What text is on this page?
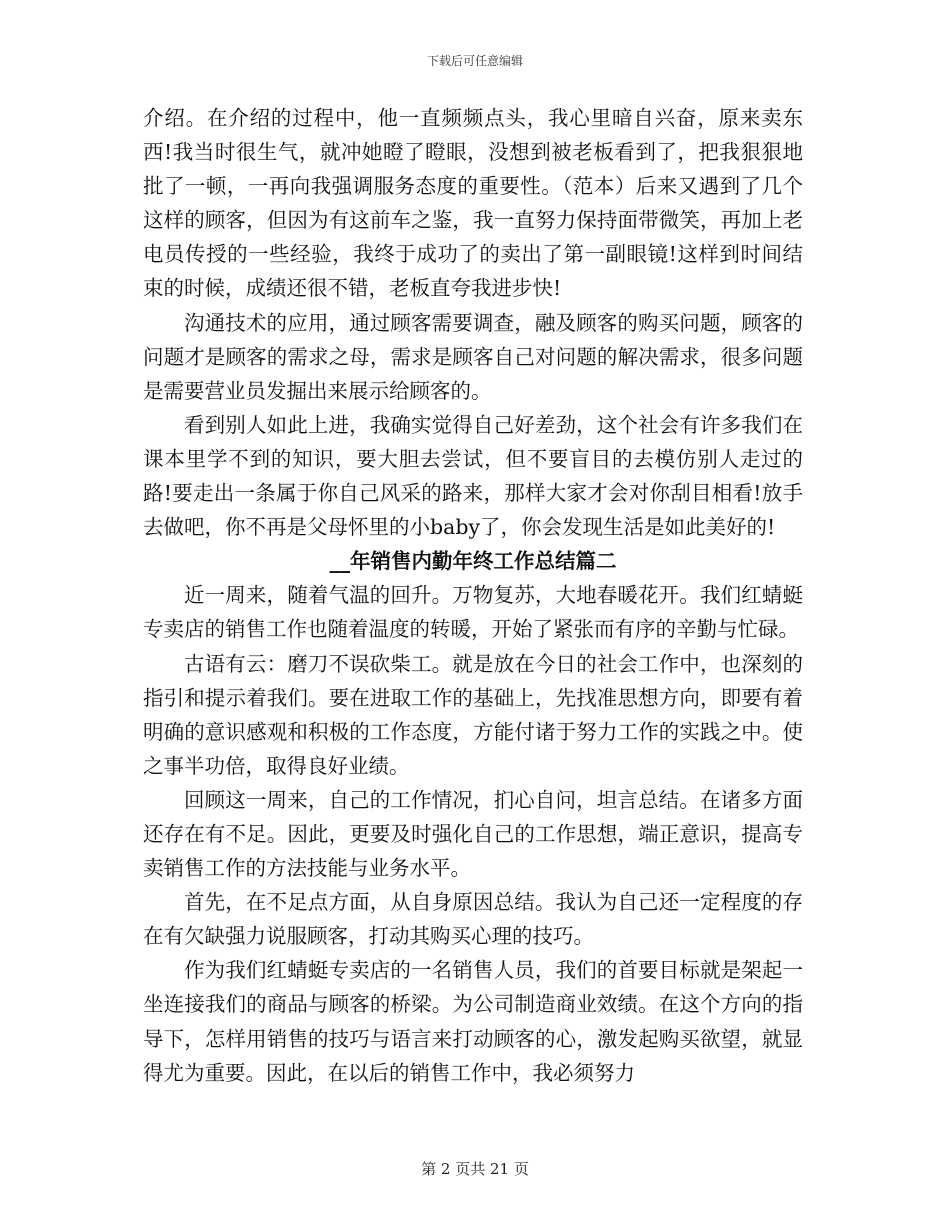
下载后可任意编辑

介绍。在介绍的过程中，他一直频频点头，我心里暗自兴奋，原来卖东西!我当时很生气，就冲她瞪了瞪眼，没想到被老板看到了，把我狠狠地批了一顿，一再向我强调服务态度的重要性。（范本）后来又遇到了几个这样的顾客，但因为有这前车之鉴，我一直努力保持面带微笑，再加上老电员传授的一些经验，我终于成功了的卖出了第一副眼镜!这样到时间结束的时候，成绩还很不错，老板直夸我进步快!

沟通技术的应用，通过顾客需要调查，融及顾客的购买问题，顾客的问题才是顾客的需求之母，需求是顾客自己对问题的解决需求，很多问题是需要营业员发掘出来展示给顾客的。

看到别人如此上进，我确实觉得自己好差劲，这个社会有许多我们在课本里学不到的知识，要大胆去尝试，但不要盲目的去模仿别人走过的路!要走出一条属于你自己风采的路来，那样大家才会对你刮目相看!放手去做吧，你不再是父母怀里的小baby了，你会发现生活是如此美好的!

__年销售内勤年终工作总结篇二

近一周来，随着气温的回升。万物复苏，大地春暖花开。我们红蜻蜓专卖店的销售工作也随着温度的转暖，开始了紧张而有序的辛勤与忙碌。

古语有云：磨刀不误砍柴工。就是放在今日的社会工作中，也深刻的指引和提示着我们。要在进取工作的基础上，先找准思想方向，即要有着明确的意识感观和积极的工作态度，方能付诸于努力工作的实践之中。使之事半功倍，取得良好业绩。

回顾这一周来，自己的工作情况，扪心自问，坦言总结。在诸多方面还存在有不足。因此，更要及时强化自己的工作思想，端正意识，提高专卖销售工作的方法技能与业务水平。

首先，在不足点方面，从自身原因总结。我认为自己还一定程度的存在有欠缺强力说服顾客，打动其购买心理的技巧。

作为我们红蜻蜓专卖店的一名销售人员，我们的首要目标就是架起一坐连接我们的商品与顾客的桥梁。为公司制造商业效绩。在这个方向的指导下，怎样用销售的技巧与语言来打动顾客的心，激发起购买欲望，就显得尤为重要。因此，在以后的销售工作中，我必须努力

第 2 页共 21 页
